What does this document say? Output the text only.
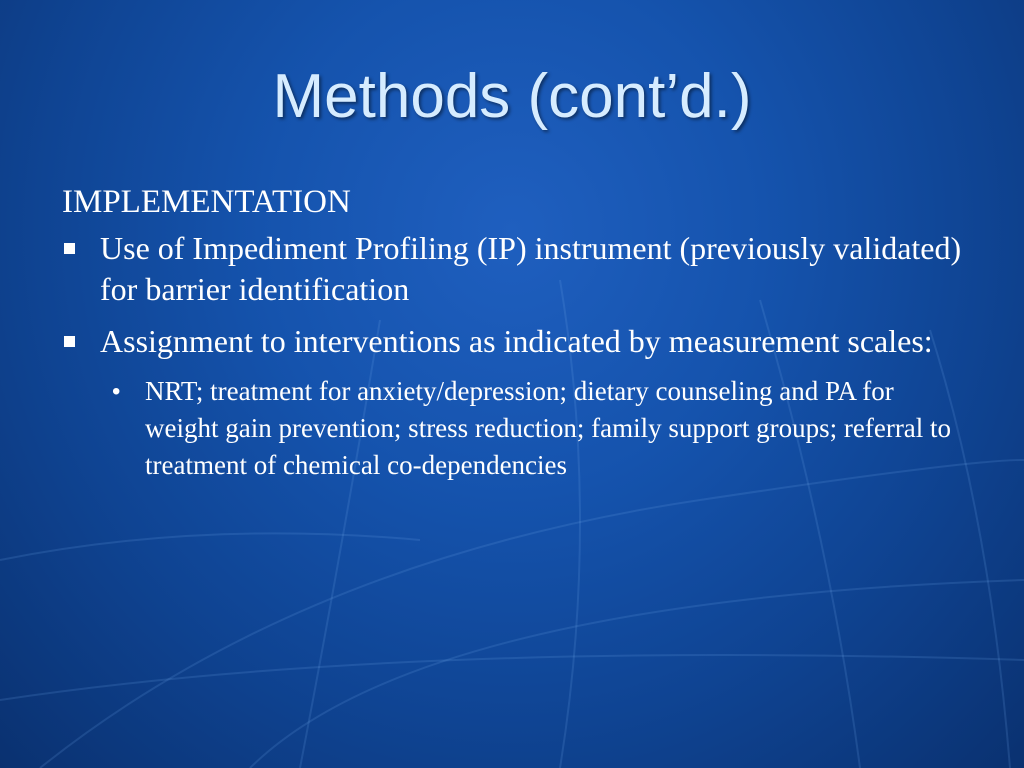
Methods (cont’d.)
IMPLEMENTATION
Use of Impediment Profiling (IP) instrument (previously validated) for barrier identification
Assignment to interventions as indicated by measurement scales:
• NRT; treatment for anxiety/depression; dietary counseling and PA for weight gain prevention; stress reduction; family support groups; referral to treatment of chemical co-dependencies
